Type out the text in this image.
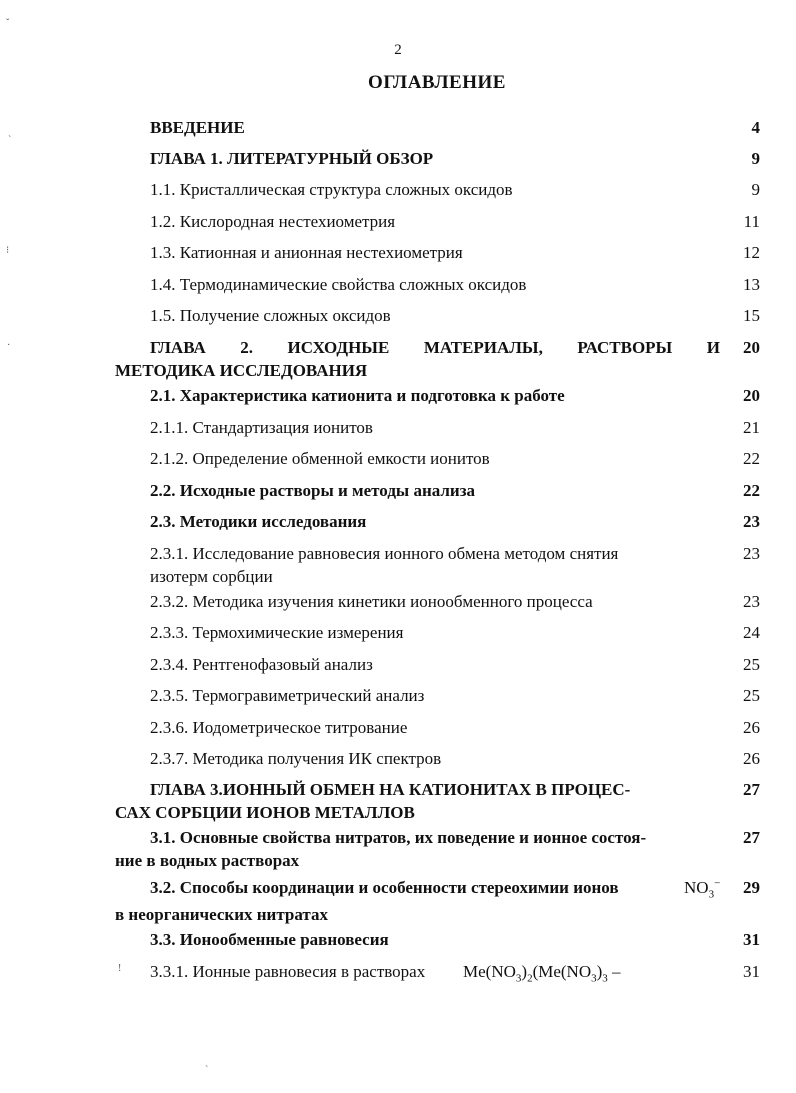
2
ОГЛАВЛЕНИЕ
ВВЕДЕНИЕ	4
ГЛАВА 1. ЛИТЕРАТУРНЫЙ ОБЗОР	9
1.1. Кристаллическая структура сложных оксидов	9
1.2. Кислородная нестехиометрия	11
1.3. Катионная и анионная нестехиометрия	12
1.4. Термодинамические свойства сложных оксидов	13
1.5. Получение сложных оксидов	15
ГЛАВА 2. ИСХОДНЫЕ МАТЕРИАЛЫ, РАСТВОРЫ И	20
МЕТОДИКА ИССЛЕДОВАНИЯ
2.1. Характеристика катионита и подготовка к работе	20
2.1.1. Стандартизация ионитов	21
2.1.2. Определение обменной емкости ионитов	22
2.2. Исходные растворы и методы анализа	22
2.3. Методики исследования	23
2.3.1. Исследование равновесия ионного обмена методом снятия	23
изотерм сорбции
2.3.2. Методика изучения кинетики ионообменного процесса	23
2.3.3. Термохимические измерения	24
2.3.4. Рентгенофазовый анализ	25
2.3.5. Термогравиметрический анализ	25
2.3.6. Иодометрическое титрование	26
2.3.7. Методика получения ИК спектров	26
ГЛАВА 3.ИОННЫЙ ОБМЕН НА КАТИОНИТАХ В ПРОЦЕС-	27
САХ СОРБЦИИ ИОНОВ МЕТАЛЛОВ
3.1. Основные свойства нитратов, их поведение и ионное состоя-	27
ние в водных растворах
3.2. Способы координации и особенности стереохимии ионов	$NO_3^-$	29
в неорганических нитратах
3.3. Ионообменные равновесия	31
3.3.1. Ионные равновесия в растворах $Me(NO_3)_2(Me(NO_3)_3$ –	31
ˇ
ˋ
⁝
·
!
ˋ
